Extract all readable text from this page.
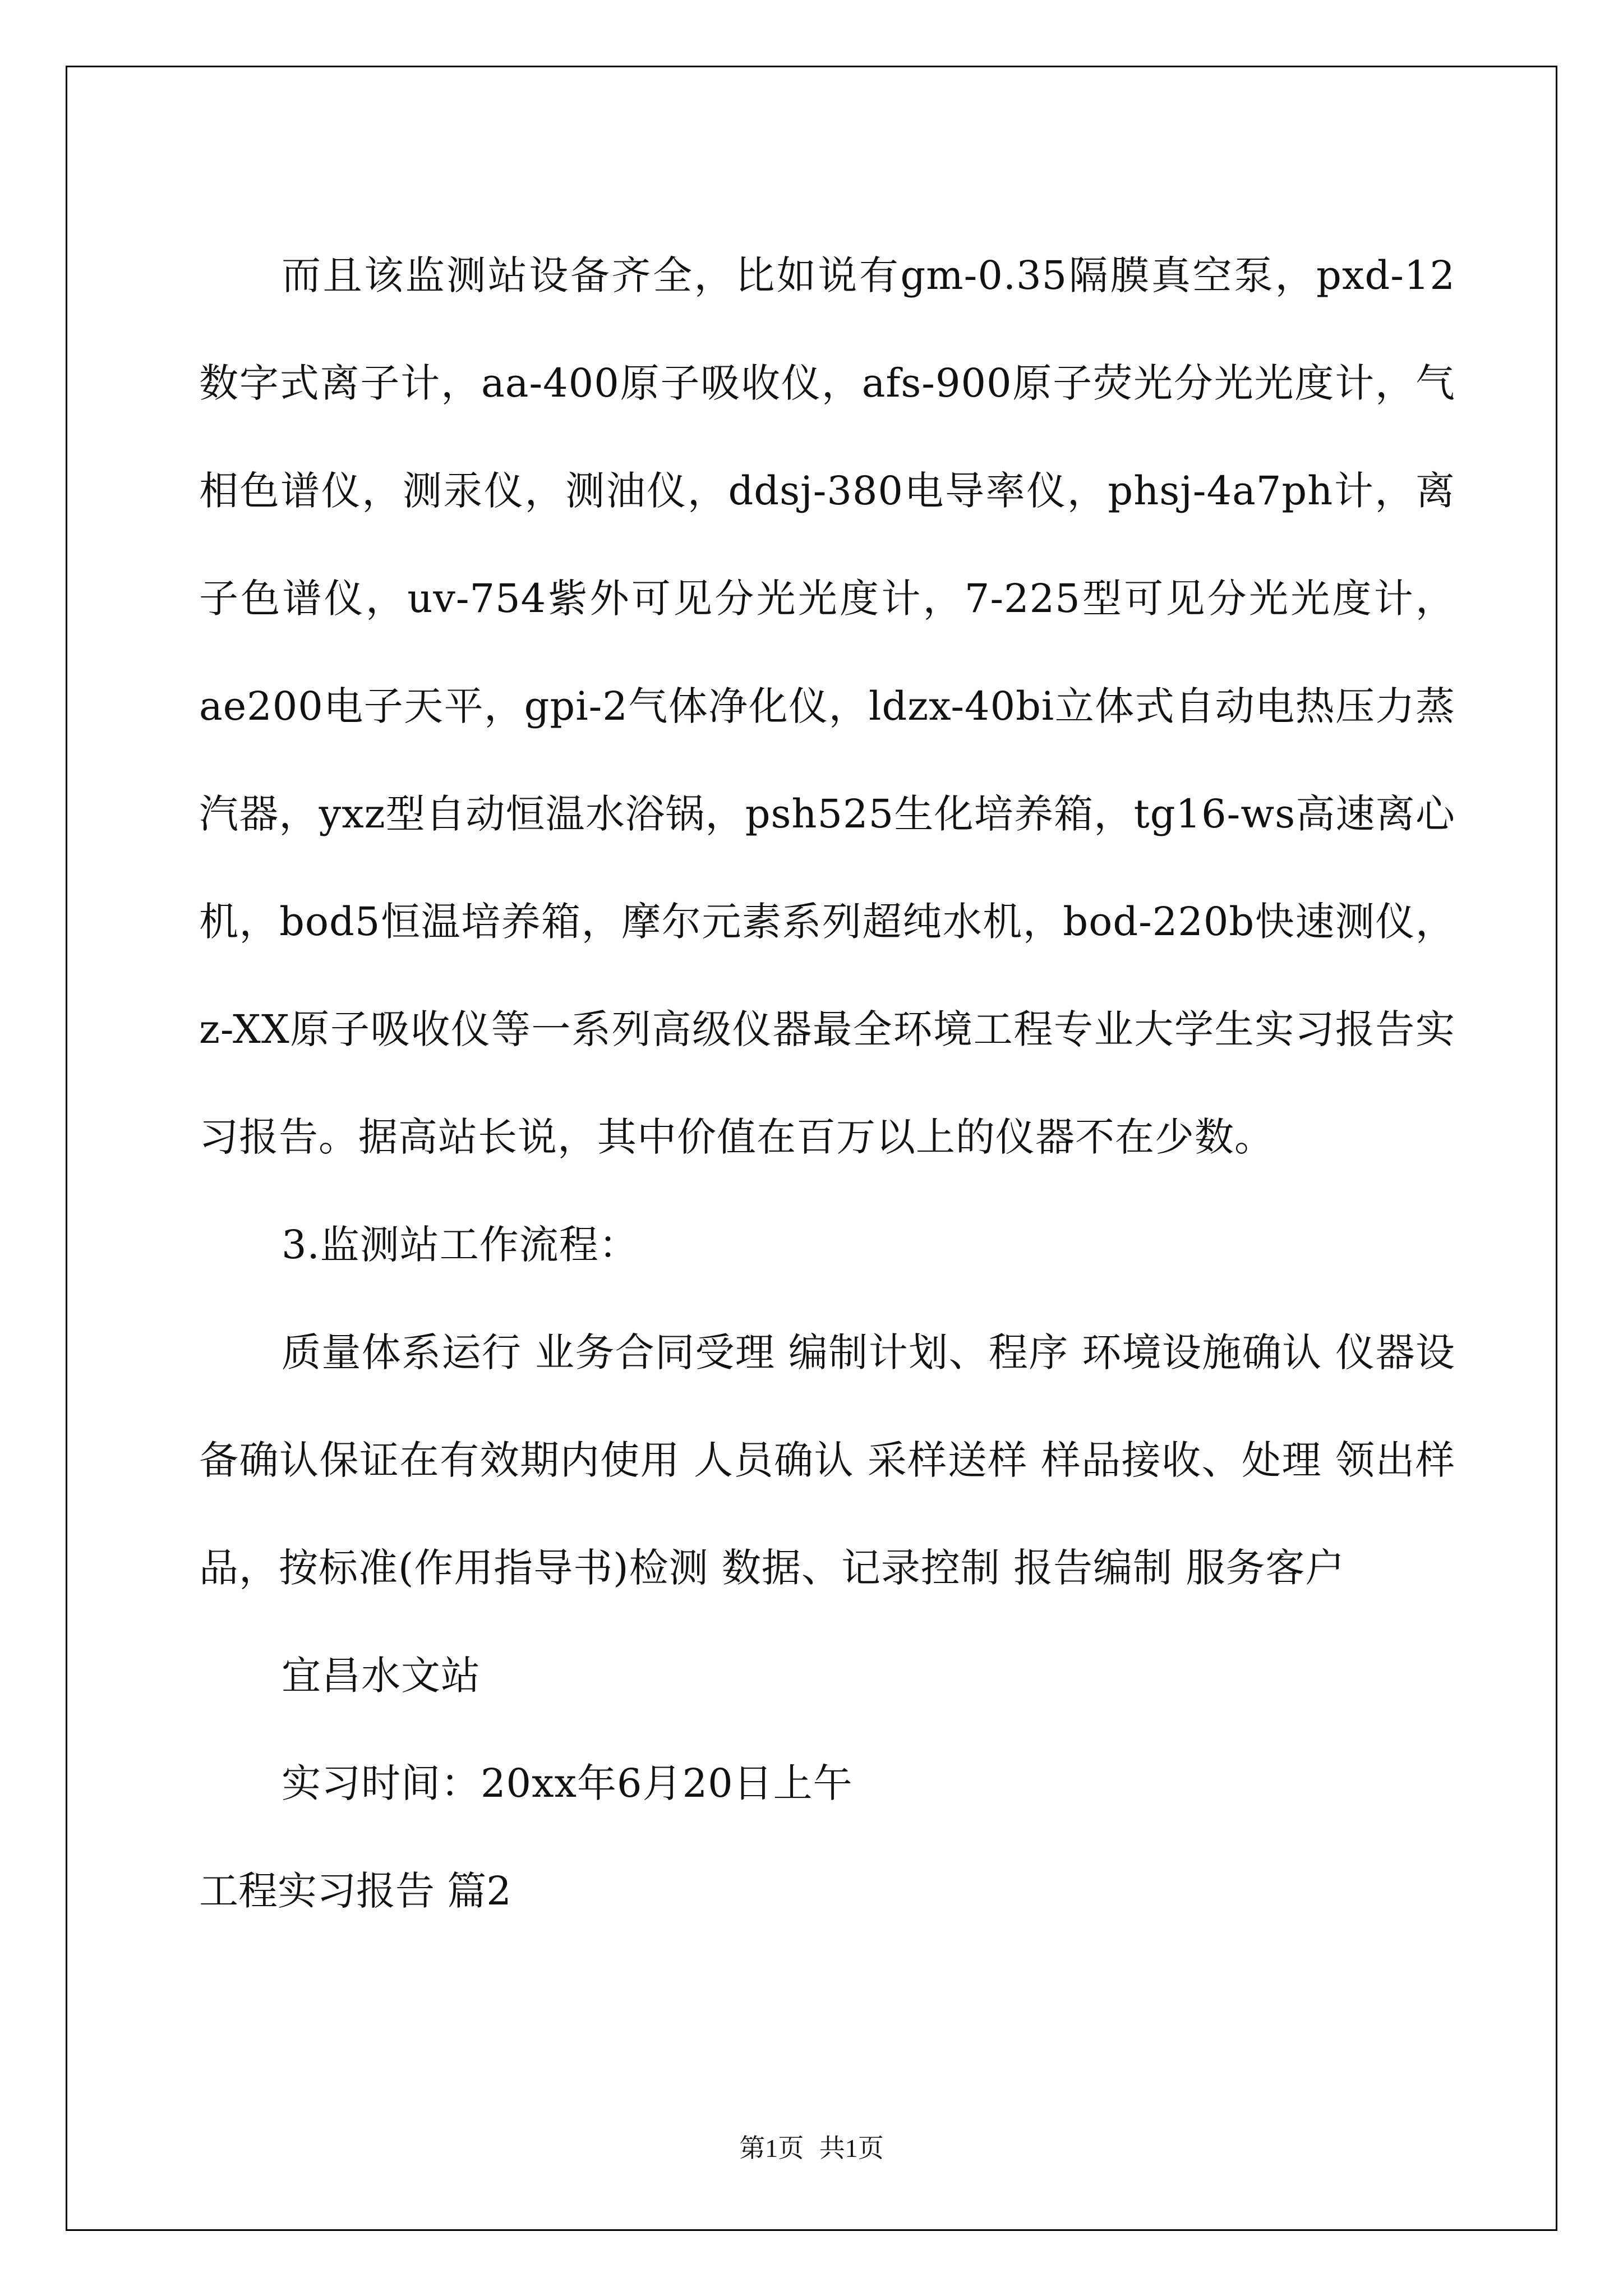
而且该监测站设备齐全，比如说有gm-0.35隔膜真空泵，pxd-12数字式离子计，aa-400原子吸收仪，afs-900原子荧光分光光度计，气相色谱仪，测汞仪，测油仪，ddsj-380电导率仪，phsj-4a7ph计，离子色谱仪，uv-754紫外可见分光光度计，7-225型可见分光光度计，ae200电子天平，gpi-2气体净化仪，ldzx-40bi立体式自动电热压力蒸汽器，yxz型自动恒温水浴锅，psh525生化培养箱，tg16-ws高速离心机，bod5恒温培养箱，摩尔元素系列超纯水机，bod-220b快速测仪，z-XX原子吸收仪等一系列高级仪器最全环境工程专业大学生实习报告实习报告。据高站长说，其中价值在百万以上的仪器不在少数。

3.监测站工作流程：

质量体系运行 业务合同受理 编制计划、程序 环境设施确认 仪器设备确认保证在有效期内使用 人员确认 采样送样 样品接收、处理 领出样品，按标准(作用指导书)检测 数据、记录控制 报告编制 服务客户

宜昌水文站

实习时间：20xx年6月20日上午

工程实习报告 篇2

第1页 共1页
